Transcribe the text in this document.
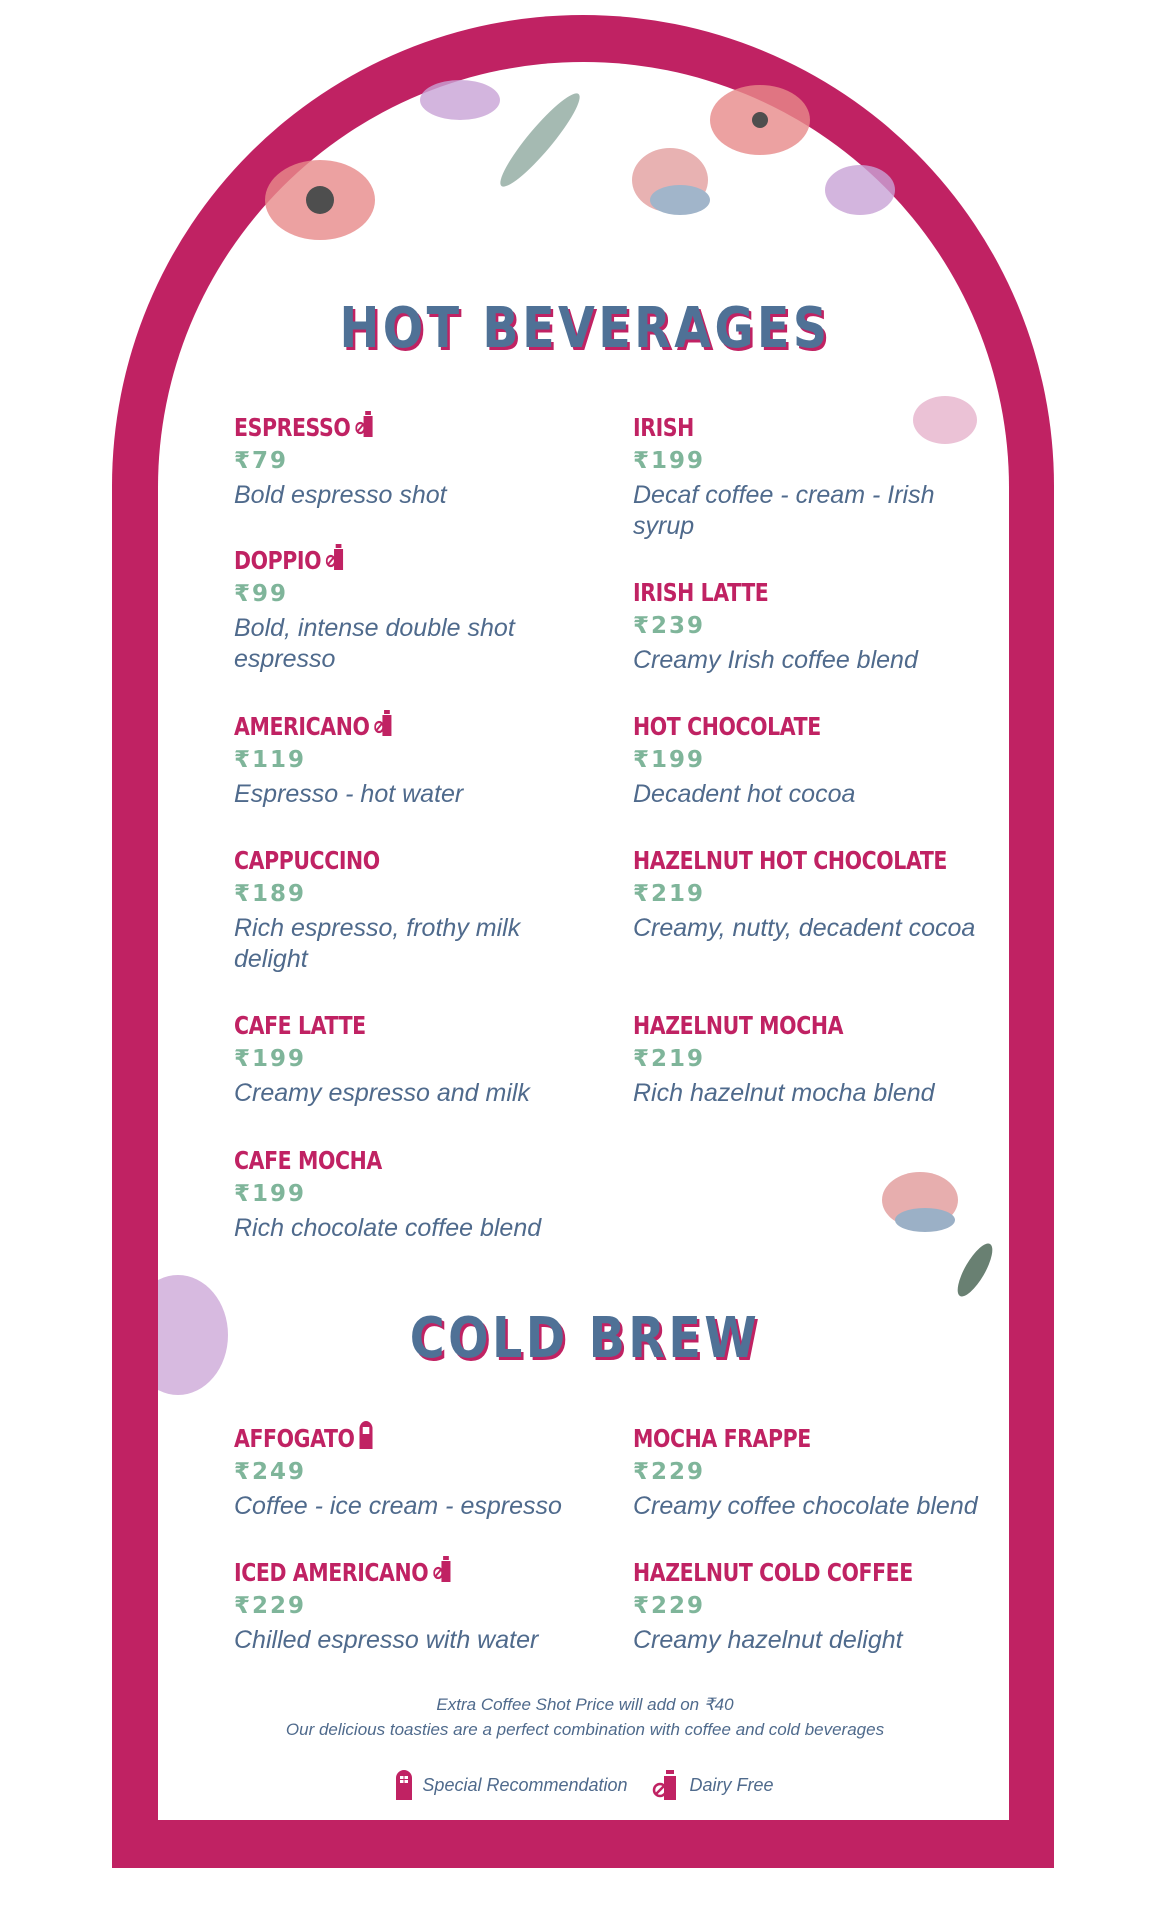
HOT BEVERAGES
COLD BREW
ESPRESSO
₹79
Bold espresso shot
DOPPIO
₹99
Bold, intense double shot espresso
AMERICANO
₹119
Espresso - hot water
CAPPUCCINO
₹189
Rich espresso, frothy milk delight
CAFE LATTE
₹199
Creamy espresso and milk
CAFE MOCHA
₹199
Rich chocolate coffee blend
IRISH
₹199
Decaf coffee - cream - Irish syrup
IRISH LATTE
₹239
Creamy Irish coffee blend
HOT CHOCOLATE
₹199
Decadent hot cocoa
HAZELNUT HOT CHOCOLATE
₹219
Creamy, nutty, decadent cocoa
HAZELNUT MOCHA
₹219
Rich hazelnut mocha blend
AFFOGATO
₹249
Coffee - ice cream - espresso
ICED AMERICANO
₹229
Chilled espresso with water
MOCHA FRAPPE
₹229
Creamy coffee chocolate blend
HAZELNUT COLD COFFEE
₹229
Creamy hazelnut delight
Extra Coffee Shot Price will add on ₹40
Our delicious toasties are a perfect combination with coffee and cold beverages
Special Recommendation	Dairy Free
